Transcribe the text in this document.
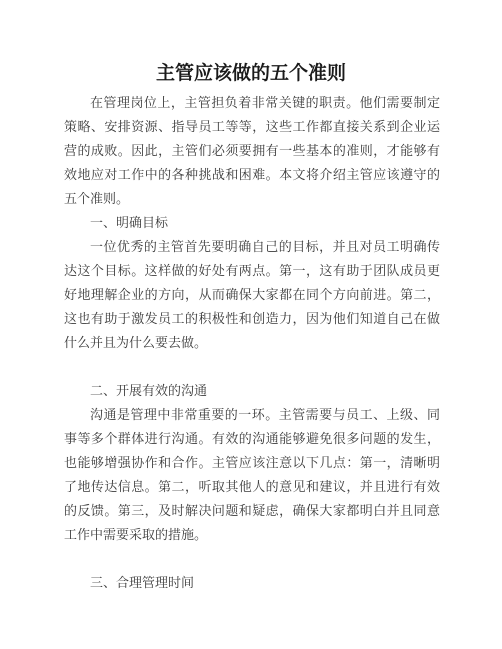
主管应该做的五个准则

在管理岗位上，主管担负着非常关键的职责。他们需要制定策略、安排资源、指导员工等等，这些工作都直接关系到企业运营的成败。因此，主管们必须要拥有一些基本的准则，才能够有效地应对工作中的各种挑战和困难。本文将介绍主管应该遵守的五个准则。

一、明确目标

一位优秀的主管首先要明确自己的目标，并且对员工明确传达这个目标。这样做的好处有两点。第一，这有助于团队成员更好地理解企业的方向，从而确保大家都在同个方向前进。第二，这也有助于激发员工的积极性和创造力，因为他们知道自己在做什么并且为什么要去做。

二、开展有效的沟通

沟通是管理中非常重要的一环。主管需要与员工、上级、同事等多个群体进行沟通。有效的沟通能够避免很多问题的发生，也能够增强协作和合作。主管应该注意以下几点：第一，清晰明了地传达信息。第二，听取其他人的意见和建议，并且进行有效的反馈。第三，及时解决问题和疑虑，确保大家都明白并且同意工作中需要采取的措施。

三、合理管理时间
